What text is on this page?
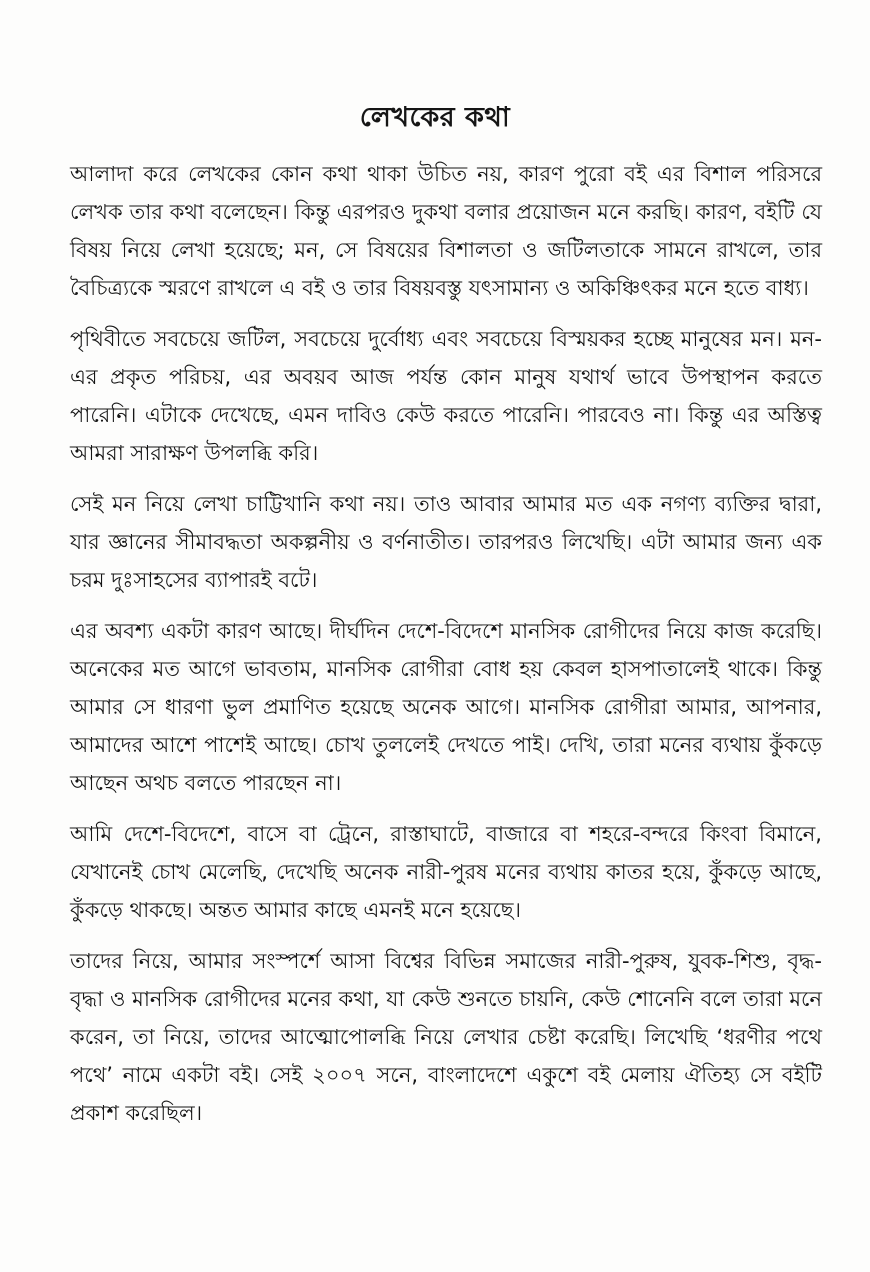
লেখকের কথা

আলাদা করে লেখকের কোন কথা থাকা উচিত নয়, কারণ পুরো বই এর বিশাল পরিসরে লেখক তার কথা বলেছেন। কিন্তু এরপরও দুকথা বলার প্রয়োজন মনে করছি। কারণ, বইটি যে বিষয় নিয়ে লেখা হয়েছে; মন, সে বিষয়ের বিশালতা ও জটিলতাকে সামনে রাখলে, তার বৈচিত্র্যকে স্মরণে রাখলে এ বই ও তার বিষয়বস্তু যৎসামান্য ও অকিঞ্চিৎকর মনে হতে বাধ্য।

পৃথিবীতে সবচেয়ে জটিল, সবচেয়ে দুর্বোধ্য এবং সবচেয়ে বিস্ময়কর হচ্ছে মানুষের মন। মন-এর প্রকৃত পরিচয়, এর অবয়ব আজ পর্যন্ত কোন মানুষ যথার্থ ভাবে উপস্থাপন করতে পারেনি। এটাকে দেখেছে, এমন দাবিও কেউ করতে পারেনি। পারবেও না। কিন্তু এর অস্তিত্ব আমরা সারাক্ষণ উপলব্ধি করি।

সেই মন নিয়ে লেখা চাট্টিখানি কথা নয়। তাও আবার আমার মত এক নগণ্য ব্যক্তির দ্বারা, যার জ্ঞানের সীমাবদ্ধতা অকল্পনীয় ও বর্ণনাতীত। তারপরও লিখেছি। এটা আমার জন্য এক চরম দুঃসাহসের ব্যাপারই বটে।

এর অবশ্য একটা কারণ আছে। দীর্ঘদিন দেশে-বিদেশে মানসিক রোগীদের নিয়ে কাজ করেছি। অনেকের মত আগে ভাবতাম, মানসিক রোগীরা বোধ হয় কেবল হাসপাতালেই থাকে। কিন্তু আমার সে ধারণা ভুল প্রমাণিত হয়েছে অনেক আগে। মানসিক রোগীরা আমার, আপনার, আমাদের আশে পাশেই আছে। চোখ তুললেই দেখতে পাই। দেখি, তারা মনের ব্যথায় কুঁকড়ে আছেন অথচ বলতে পারছেন না।

আমি দেশে-বিদেশে, বাসে বা ট্রেনে, রাস্তাঘাটে, বাজারে বা শহরে-বন্দরে কিংবা বিমানে, যেখানেই চোখ মেলেছি, দেখেছি অনেক নারী-পুরষ মনের ব্যথায় কাতর হয়ে, কুঁকড়ে আছে, কুঁকড়ে থাকছে। অন্তত আমার কাছে এমনই মনে হয়েছে।

তাদের নিয়ে, আমার সংস্পর্শে আসা বিশ্বের বিভিন্ন সমাজের নারী-পুরুষ, যুবক-শিশু, বৃদ্ধ-বৃদ্ধা ও মানসিক রোগীদের মনের কথা, যা কেউ শুনতে চায়নি, কেউ শোনেনি বলে তারা মনে করেন, তা নিয়ে, তাদের আত্মোপোলব্ধি নিয়ে লেখার চেষ্টা করেছি। লিখেছি ‘ধরণীর পথে পথে’ নামে একটা বই। সেই ২০০৭ সনে, বাংলাদেশে একুশে বই মেলায় ঐতিহ্য সে বইটি প্রকাশ করেছিল।
